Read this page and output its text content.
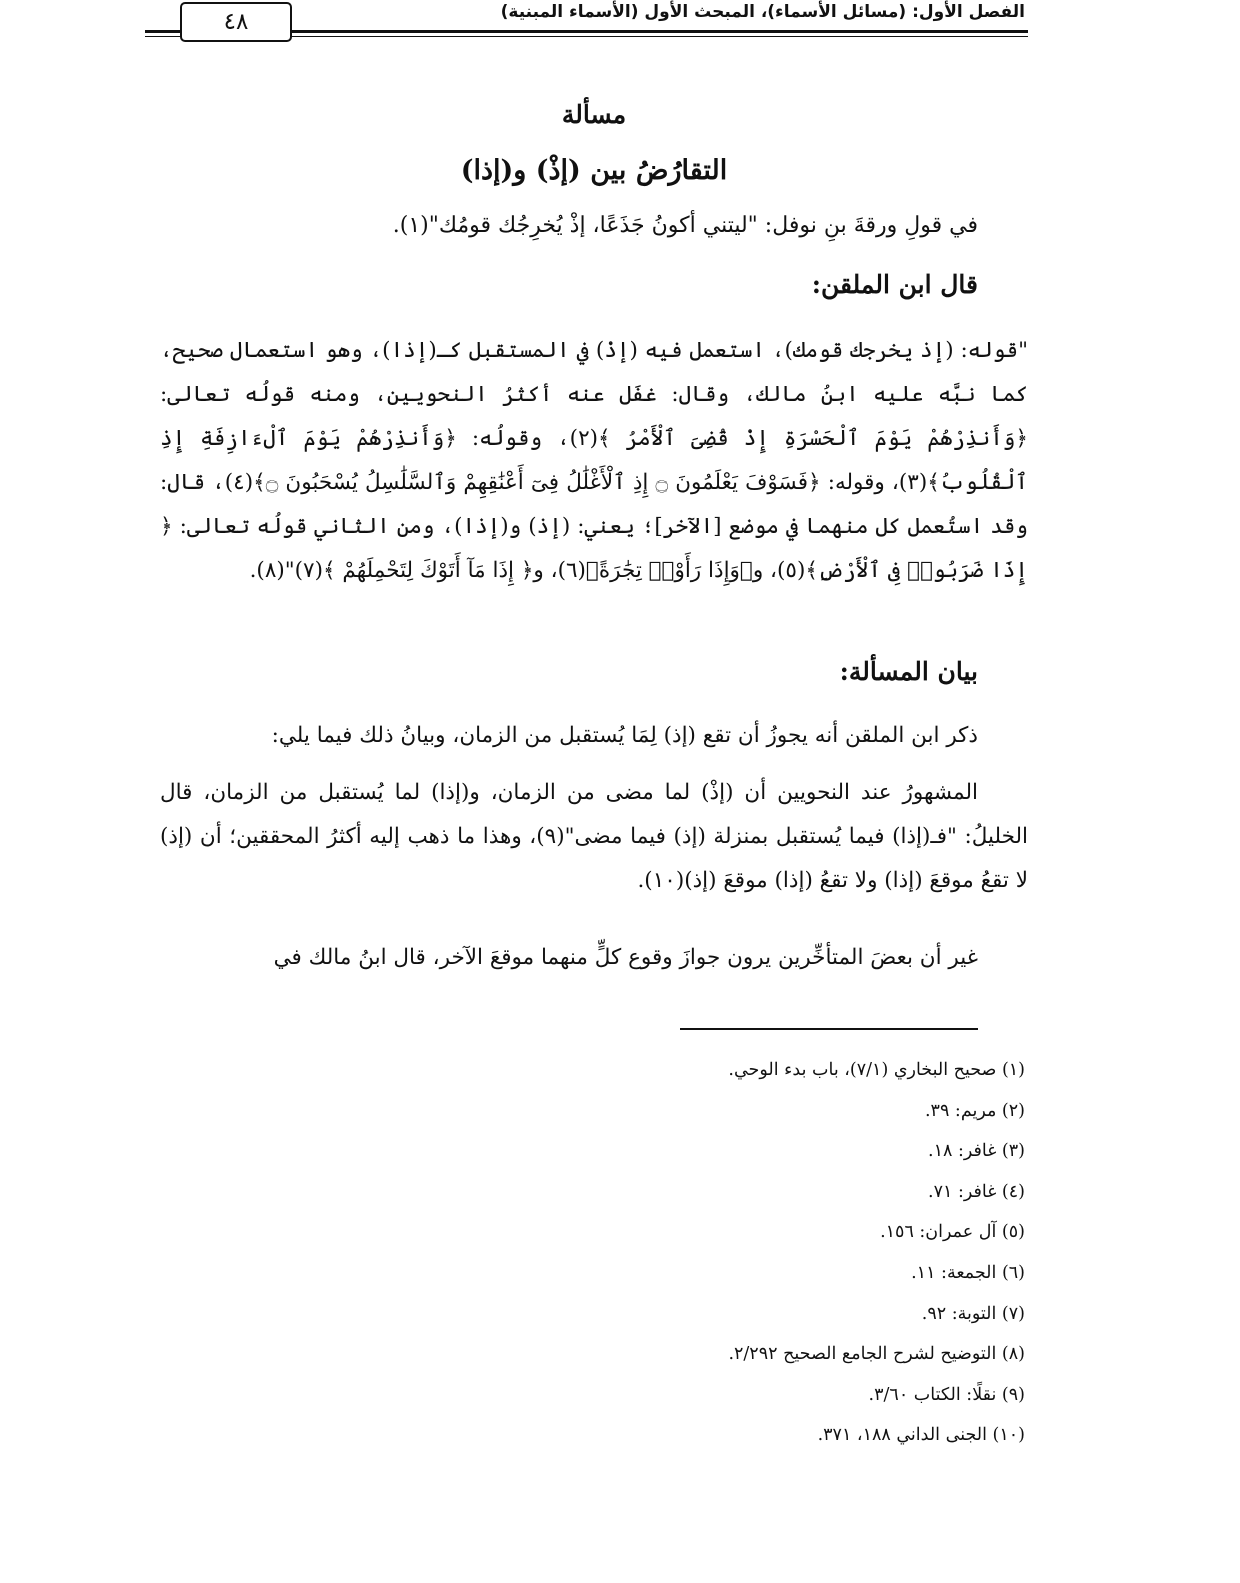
الفصل الأول: (مسائل الأسماء)، المبحث الأول (الأسماء المبنية)
٤٨
مسألة
التقارُضُ بين (إذْ) و(إذا)
في قولِ ورقةَ بنِ نوفل: "ليتني أكونُ جَذَعًا، إذْ يُخرِجُك قومُك"(١).
قال ابن الملقن:
"قوله: (إذ يخرجك قومك)، استعمل فيه (إذْ) في المستقبل كـ(إذا)، وهو استعمال صحيح، كما نبَّه عليه ابنُ مالك، وقال: غفَل عنه أكثرُ النحويين، ومنه قولُه تعالى: ﴿وَأَنذِرْهُمْ يَوْمَ ٱلْحَسْرَةِ إِذْ قُضِىَ ٱلْأَمْرُ ﴾(٢)، وقولُه: ﴿وَأَنذِرْهُمْ يَوْمَ ٱلْءَازِفَةِ إِذِ ٱلْقُلُوبُ﴾(٣)، وقوله: ﴿فَسَوْفَ يَعْلَمُونَ ۝ إِذِ ٱلْأَغْلَٰلُ فِىٓ أَعْنَٰقِهِمْ وَٱلسَّلَٰسِلُ يُسْحَبُونَ ۝﴾(٤)، قال: وقد استُعمل كل منهما في موضع [الآخر]؛ يعني: (إذ) و(إذا)، ومن الثاني قولُه تعالى: ﴿ إِذَا ضَرَبُوا۟ فِى ٱلْأَرْضِ﴾(٥)، و﴿وَإِذَا رَأَوْا۟ تِجَٰرَةً﴾(٦)، و﴿ إِذَا مَآ أَتَوْكَ لِتَحْمِلَهُمْ ﴾(٧)"(٨).
بيان المسألة:
ذكر ابن الملقن أنه يجوزُ أن تقع (إذ) لِمَا يُستقبل من الزمان، وبيانُ ذلك فيما يلي:
المشهورُ عند النحويين أن (إذْ) لما مضى من الزمان، و(إذا) لما يُستقبل من الزمان، قال الخليلُ: "فـ(إذا) فيما يُستقبل بمنزلة (إذ) فيما مضى"(٩)، وهذا ما ذهب إليه أكثرُ المحققين؛ أن (إذ) لا تقعُ موقعَ (إذا) ولا تقعُ (إذا) موقعَ (إذ)(١٠).
غير أن بعضَ المتأخِّرين يرون جوازَ وقوع كلٍّ منهما موقعَ الآخر، قال ابنُ مالك في
(١) صحيح البخاري (٧/١)، باب بدء الوحي.
(٢) مريم: ٣٩.
(٣) غافر: ١٨.
(٤) غافر: ٧١.
(٥) آل عمران: ١٥٦.
(٦) الجمعة: ١١.
(٧) التوبة: ٩٢.
(٨) التوضيح لشرح الجامع الصحيح ٢/٢٩٢.
(٩) نقلًا: الكتاب ٣/٦٠.
(١٠) الجنى الداني ١٨٨، ٣٧١.
